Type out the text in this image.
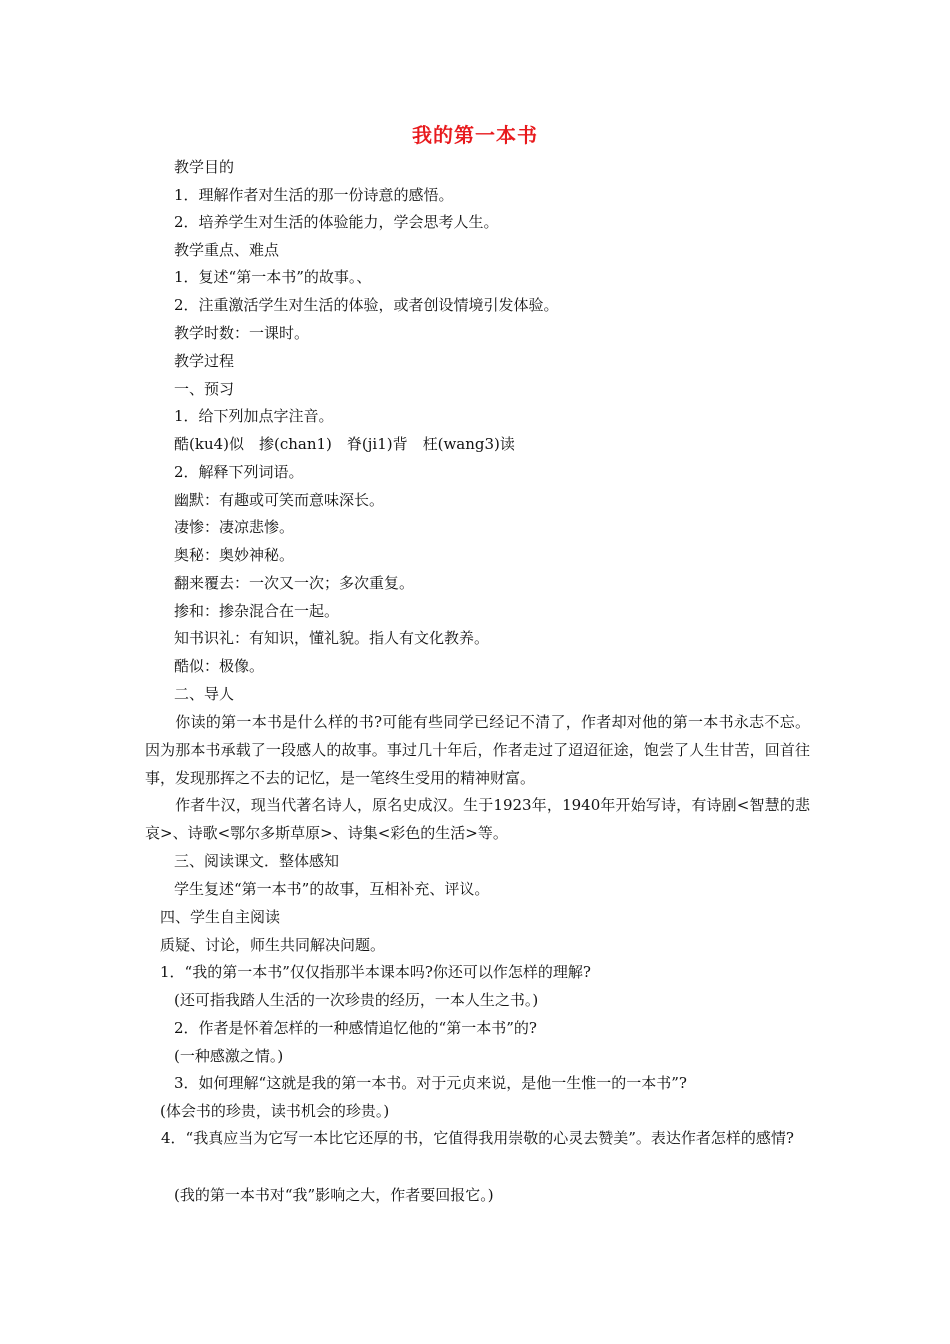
我的第一本书
教学目的
1．理解作者对生活的那一份诗意的感悟。
2．培养学生对生活的体验能力，学会思考人生。
教学重点、难点
1．复述“第一本书”的故事。、
2．注重激活学生对生活的体验，或者创设情境引发体验。
教学时数：一课时。
教学过程
一、预习
1．给下列加点字注音。
酷(ku4)似　掺(chan1)　脊(ji1)背　枉(wang3)读
2．解释下列词语。
幽默：有趣或可笑而意味深长。
凄惨：凄凉悲惨。
奥秘：奥妙神秘。
翻来覆去：一次又一次；多次重复。
掺和：掺杂混合在一起。
知书识礼：有知识，懂礼貌。指人有文化教养。
酷似：极像。
二、导人
你读的第一本书是什么样的书?可能有些同学已经记不清了，作者却对他的第一本书永志不忘。因为那本书承载了一段感人的故事。事过几十年后，作者走过了迢迢征途，饱尝了人生甘苦，回首往事，发现那挥之不去的记忆，是一笔终生受用的精神财富。
作者牛汉，现当代著名诗人，原名史成汉。生于1923年，1940年开始写诗，有诗剧<智慧的悲哀>、诗歌<鄂尔多斯草原>、诗集<彩色的生活>等。
三、阅读课文．整体感知
学生复述“第一本书”的故事，互相补充、评议。
四、学生自主阅读
质疑、讨论，师生共同解决问题。
1．“我的第一本书”仅仅指那半本课本吗?你还可以作怎样的理解?
(还可指我踏人生活的一次珍贵的经历，一本人生之书。)
2．作者是怀着怎样的一种感情追忆他的“第一本书”的?
(一种感激之情。)
3．如何理解“这就是我的第一本书。对于元贞来说，是他一生惟一的一本书”?
(体会书的珍贵，读书机会的珍贵。)
4．“我真应当为它写一本比它还厚的书，它值得我用崇敬的心灵去赞美”。表达作者怎样的感情?
(我的第一本书对“我”影响之大，作者要回报它。)
